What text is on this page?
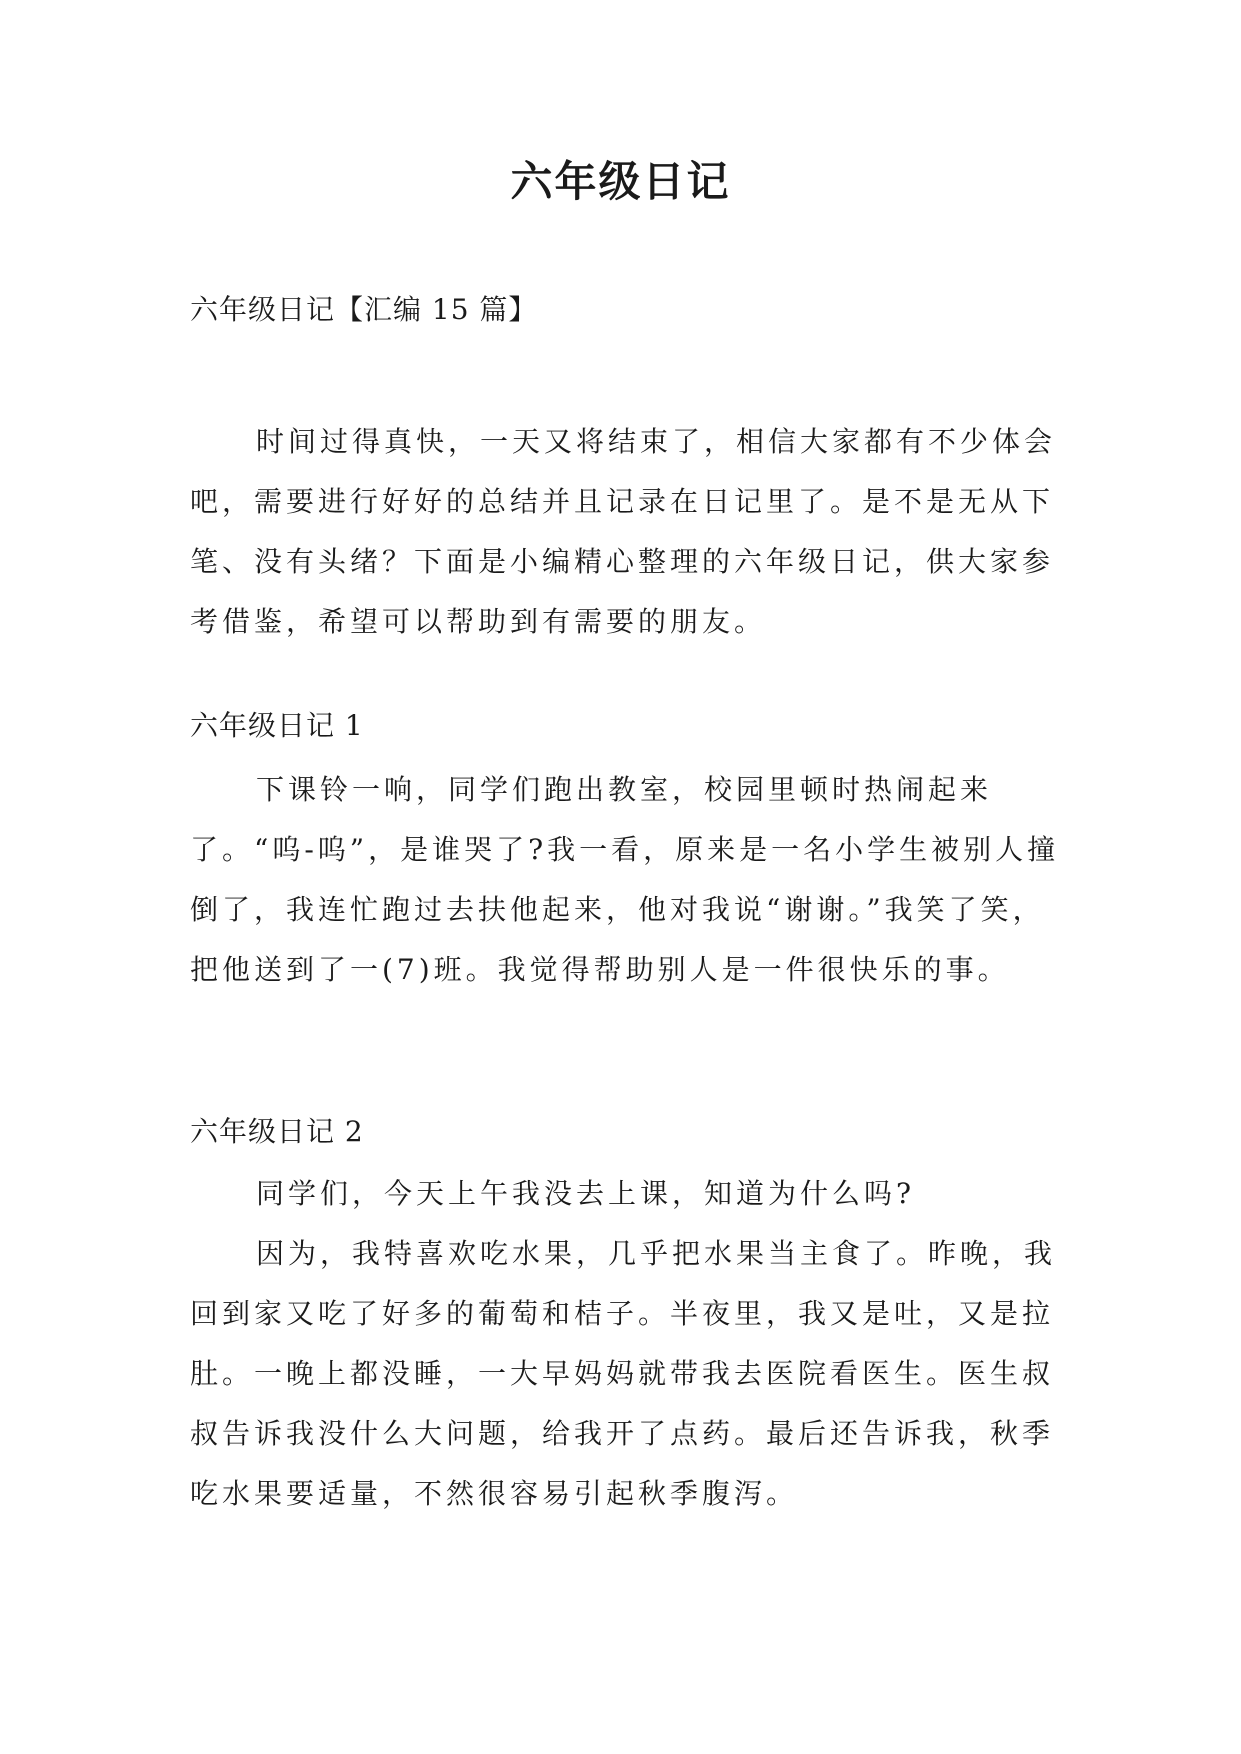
六年级日记

六年级日记【汇编 15 篇】

时间过得真快，一天又将结束了，相信大家都有不少体会吧，需要进行好好的总结并且记录在日记里了。是不是无从下笔、没有头绪？下面是小编精心整理的六年级日记，供大家参考借鉴，希望可以帮助到有需要的朋友。

六年级日记 1

下课铃一响，同学们跑出教室，校园里顿时热闹起来了。“呜-呜”，是谁哭了?我一看，原来是一名小学生被别人撞倒了，我连忙跑过去扶他起来，他对我说“谢谢。”我笑了笑，把他送到了一(7)班。我觉得帮助别人是一件很快乐的事。

六年级日记 2

同学们，今天上午我没去上课，知道为什么吗?

因为，我特喜欢吃水果，几乎把水果当主食了。昨晚，我回到家又吃了好多的葡萄和桔子。半夜里，我又是吐，又是拉肚。一晚上都没睡，一大早妈妈就带我去医院看医生。医生叔叔告诉我没什么大问题，给我开了点药。最后还告诉我，秋季吃水果要适量，不然很容易引起秋季腹泻。
